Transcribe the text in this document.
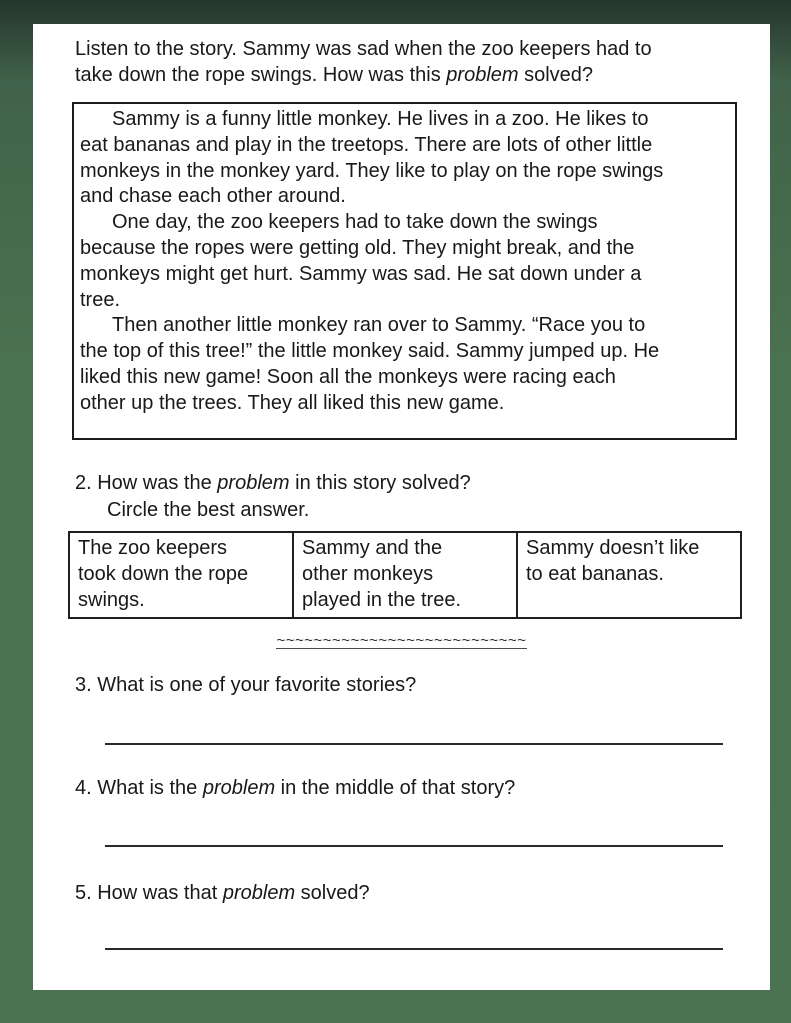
Listen to the story. Sammy was sad when the zoo keepers had to
take down the rope swings. How was this problem solved?
Sammy is a funny little monkey. He lives in a zoo. He likes to
eat bananas and play in the treetops. There are lots of other little
monkeys in the monkey yard. They like to play on the rope swings
and chase each other around.
One day, the zoo keepers had to take down the swings
because the ropes were getting old. They might break, and the
monkeys might get hurt. Sammy was sad. He sat down under a
tree.
Then another little monkey ran over to Sammy. “Race you to
the top of this tree!” the little monkey said. Sammy jumped up. He
liked this new game! Soon all the monkeys were racing each
other up the trees. They all liked this new game.
2. How was the problem in this story solved?
Circle the best answer.
The zoo keepers
took down the rope
swings.
Sammy and the
other monkeys
played in the tree.
Sammy doesn’t like
to eat bananas.
~~~~~~~~~~~~~~~~~~~~~~~~~~~
3. What is one of your favorite stories?
4. What is the problem in the middle of that story?
5. How was that problem solved?
